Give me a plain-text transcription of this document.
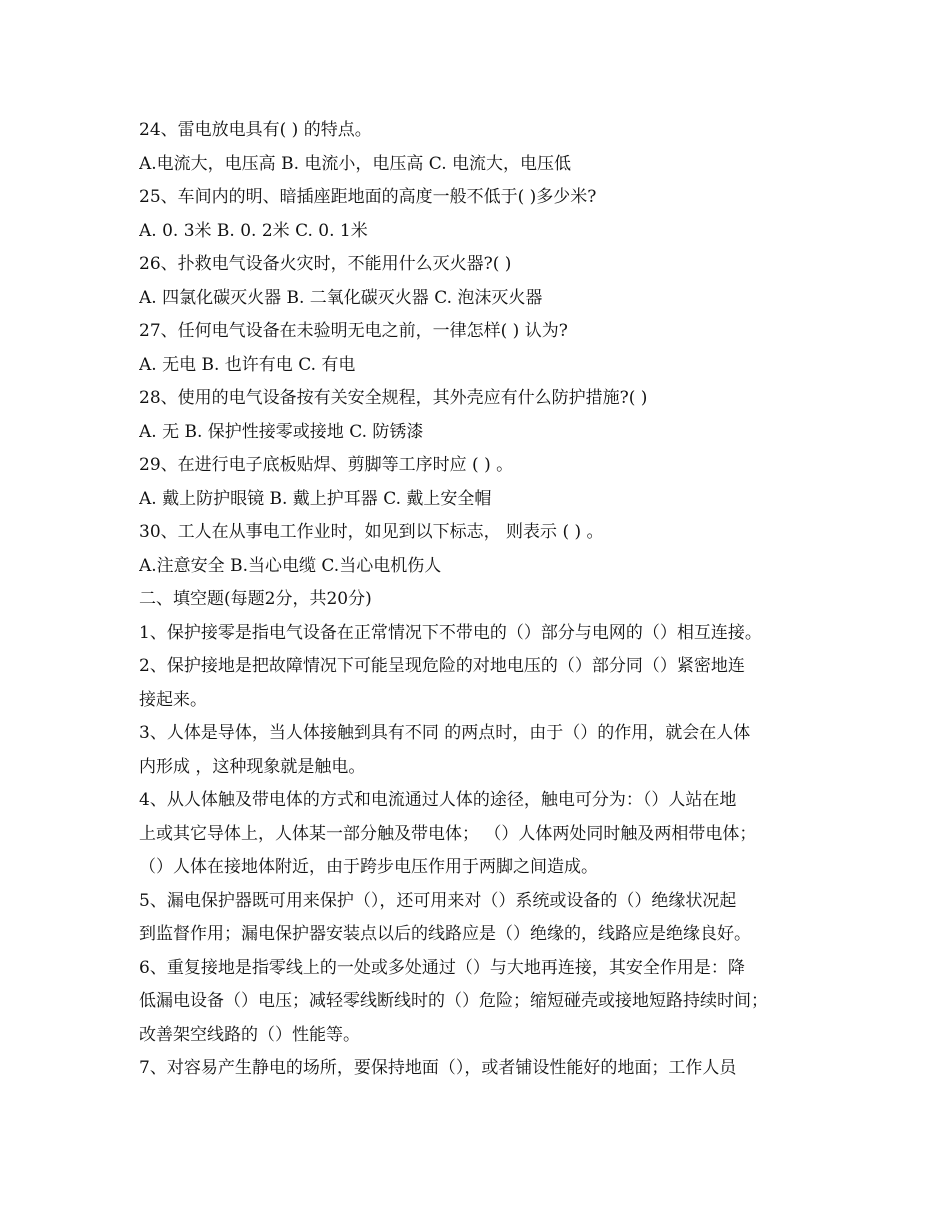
24、雷电放电具有( ) 的特点。
A.电流大，电压高 B. 电流小，电压高 C. 电流大，电压低
25、车间内的明、暗插座距地面的高度一般不低于( )多少米?
A. 0. 3米 B. 0. 2米 C. 0. 1米
26、扑救电气设备火灾时，不能用什么灭火器?( )
A. 四氯化碳灭火器 B. 二氧化碳灭火器 C. 泡沫灭火器
27、任何电气设备在未验明无电之前，一律怎样( ) 认为?
A. 无电 B. 也许有电 C. 有电
28、使用的电气设备按有关安全规程，其外壳应有什么防护措施?( )
A. 无 B. 保护性接零或接地 C. 防锈漆
29、在进行电子底板贴焊、剪脚等工序时应 ( ) 。
A. 戴上防护眼镜 B. 戴上护耳器 C. 戴上安全帽
30、工人在从事电工作业时，如见到以下标志， 则表示 ( ) 。
A.注意安全 B.当心电缆 C.当心电机伤人
二、填空题(每题2分，共20分)
1、保护接零是指电气设备在正常情况下不带电的（）部分与电网的（）相互连接。
2、保护接地是把故障情况下可能呈现危险的对地电压的（）部分同（）紧密地连
接起来。
3、人体是导体，当人体接触到具有不同 的两点时，由于（）的作用，就会在人体
内形成 ，这种现象就是触电。
4、从人体触及带电体的方式和电流通过人体的途径，触电可分为：（）人站在地
上或其它导体上，人体某一部分触及带电体； （）人体两处同时触及两相带电体；
（）人体在接地体附近，由于跨步电压作用于两脚之间造成。
5、漏电保护器既可用来保护（），还可用来对（）系统或设备的（）绝缘状况起
到监督作用；漏电保护器安装点以后的线路应是（）绝缘的，线路应是绝缘良好。
6、重复接地是指零线上的一处或多处通过（）与大地再连接，其安全作用是：降
低漏电设备（）电压；减轻零线断线时的（）危险；缩短碰壳或接地短路持续时间；
改善架空线路的（）性能等。
7、对容易产生静电的场所，要保持地面（），或者铺设性能好的地面；工作人员
